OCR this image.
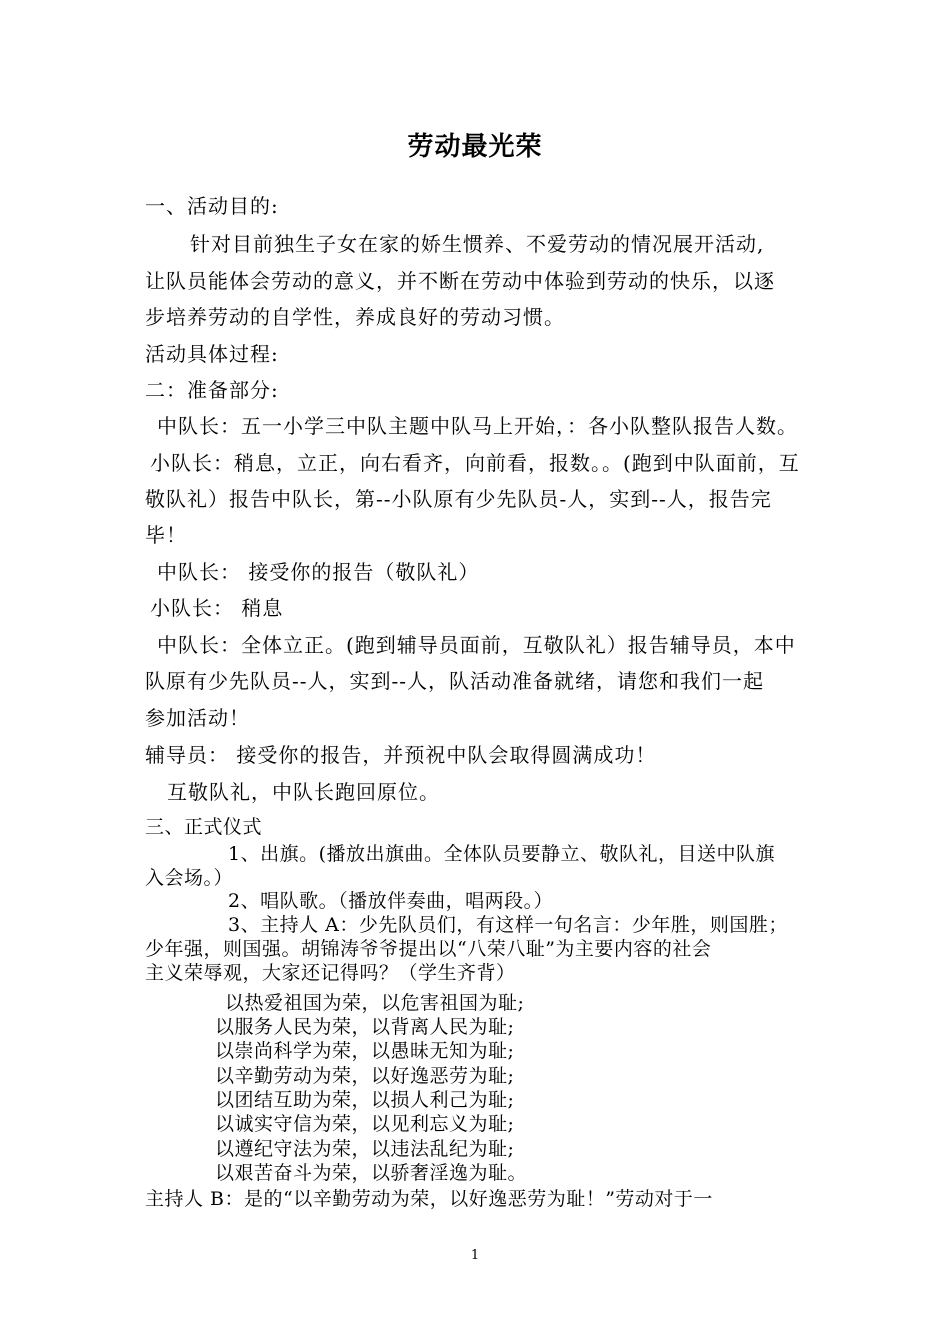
劳动最光荣
一、活动目的:
针对目前独生子女在家的娇生惯养、不爱劳动的情况展开活动,
让队员能体会劳动的意义，并不断在劳动中体验到劳动的快乐，以逐
步培养劳动的自学性，养成良好的劳动习惯。
活动具体过程:
二：准备部分:
中队长：五一小学三中队主题中队马上开始，：各小队整队报告人数。
小队长：稍息，立正，向右看齐，向前看，报数。。(跑到中队面前，互
敬队礼）报告中队长，第--小队原有少先队员-人，实到--人，报告完
毕！
中队长： 接受你的报告（敬队礼）
小队长： 稍息
中队长：全体立正。(跑到辅导员面前，互敬队礼）报告辅导员，本中
队原有少先队员--人，实到--人，队活动准备就绪，请您和我们一起
参加活动！
辅导员： 接受你的报告，并预祝中队会取得圆满成功！
互敬队礼，中队长跑回原位。
三、正式仪式
1、出旗。(播放出旗曲。全体队员要静立、敬队礼，目送中队旗
入会场。）
2、唱队歌。（播放伴奏曲，唱两段。）
3、主持人 A：少先队员们，有这样一句名言：少年胜，则国胜；
少年强，则国强。胡锦涛爷爷提出以“八荣八耻”为主要内容的社会
主义荣辱观，大家还记得吗？（学生齐背）
以热爱祖国为荣，以危害祖国为耻;
以服务人民为荣，以背离人民为耻;
以崇尚科学为荣，以愚昧无知为耻;
以辛勤劳动为荣，以好逸恶劳为耻;
以团结互助为荣，以损人利己为耻;
以诚实守信为荣，以见利忘义为耻;
以遵纪守法为荣，以违法乱纪为耻;
以艰苦奋斗为荣，以骄奢淫逸为耻。
主持人 B：是的“以辛勤劳动为荣，以好逸恶劳为耻！”劳动对于一
1
